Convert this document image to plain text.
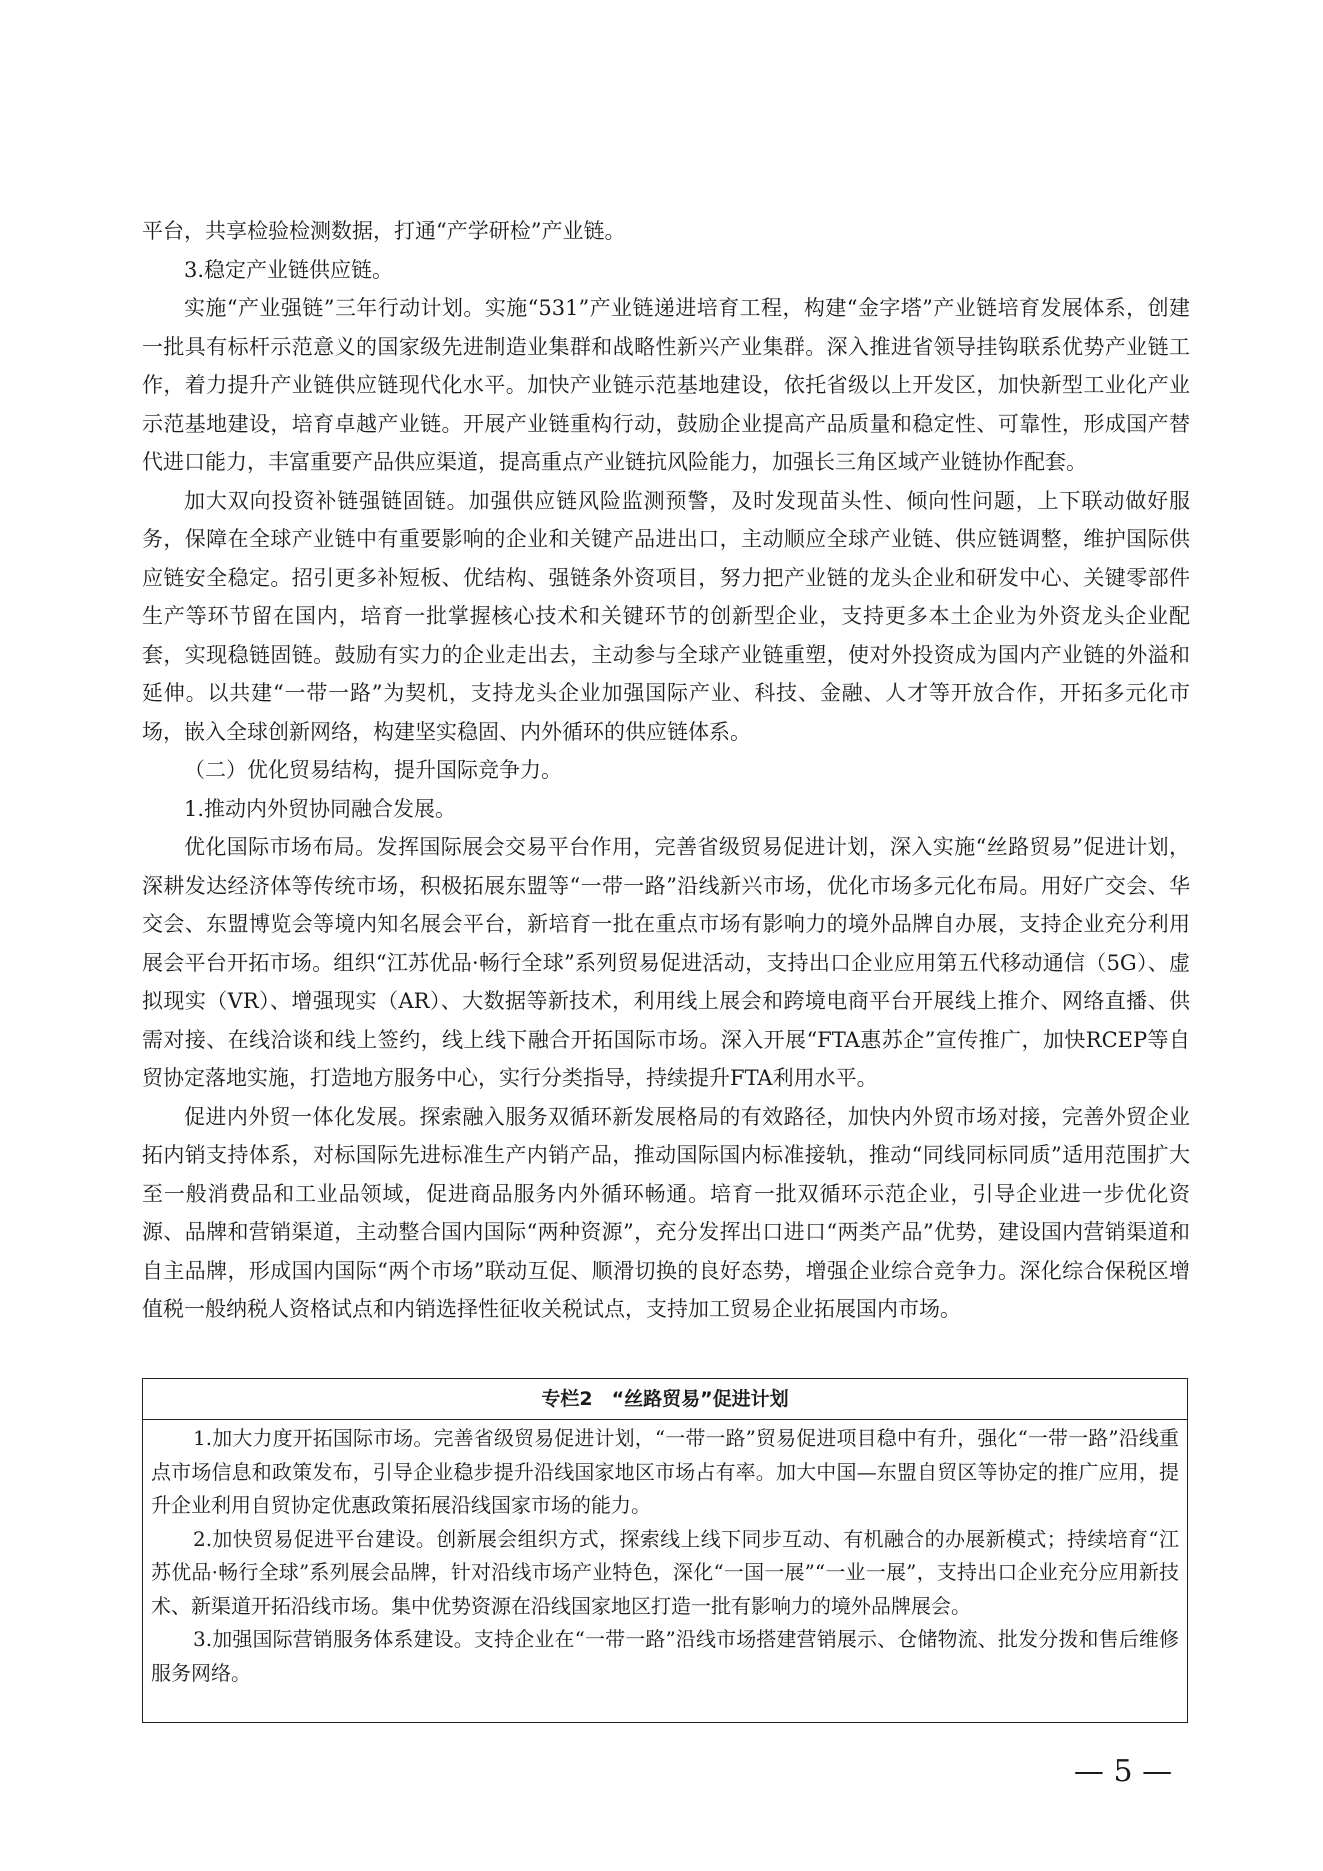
平台，共享检验检测数据，打通“产学研检”产业链。

3.稳定产业链供应链。

实施“产业强链”三年行动计划。实施“531”产业链递进培育工程，构建“金字塔”产业链培育发展体系，创建一批具有标杆示范意义的国家级先进制造业集群和战略性新兴产业集群。深入推进省领导挂钩联系优势产业链工作，着力提升产业链供应链现代化水平。加快产业链示范基地建设，依托省级以上开发区，加快新型工业化产业示范基地建设，培育卓越产业链。开展产业链重构行动，鼓励企业提高产品质量和稳定性、可靠性，形成国产替代进口能力，丰富重要产品供应渠道，提高重点产业链抗风险能力，加强长三角区域产业链协作配套。

加大双向投资补链强链固链。加强供应链风险监测预警，及时发现苗头性、倾向性问题，上下联动做好服务，保障在全球产业链中有重要影响的企业和关键产品进出口，主动顺应全球产业链、供应链调整，维护国际供应链安全稳定。招引更多补短板、优结构、强链条外资项目，努力把产业链的龙头企业和研发中心、关键零部件生产等环节留在国内，培育一批掌握核心技术和关键环节的创新型企业，支持更多本土企业为外资龙头企业配套，实现稳链固链。鼓励有实力的企业走出去，主动参与全球产业链重塑，使对外投资成为国内产业链的外溢和延伸。以共建“一带一路”为契机，支持龙头企业加强国际产业、科技、金融、人才等开放合作，开拓多元化市场，嵌入全球创新网络，构建坚实稳固、内外循环的供应链体系。

（二）优化贸易结构，提升国际竞争力。

1.推动内外贸协同融合发展。

优化国际市场布局。发挥国际展会交易平台作用，完善省级贸易促进计划，深入实施“丝路贸易”促进计划，深耕发达经济体等传统市场，积极拓展东盟等“一带一路”沿线新兴市场，优化市场多元化布局。用好广交会、华交会、东盟博览会等境内知名展会平台，新培育一批在重点市场有影响力的境外品牌自办展，支持企业充分利用展会平台开拓市场。组织“江苏优品·畅行全球”系列贸易促进活动，支持出口企业应用第五代移动通信（5G）、虚拟现实（VR）、增强现实（AR）、大数据等新技术，利用线上展会和跨境电商平台开展线上推介、网络直播、供需对接、在线洽谈和线上签约，线上线下融合开拓国际市场。深入开展“FTA惠苏企”宣传推广，加快RCEP等自贸协定落地实施，打造地方服务中心，实行分类指导，持续提升FTA利用水平。

促进内外贸一体化发展。探索融入服务双循环新发展格局的有效路径，加快内外贸市场对接，完善外贸企业拓内销支持体系，对标国际先进标准生产内销产品，推动国际国内标准接轨，推动“同线同标同质”适用范围扩大至一般消费品和工业品领域，促进商品服务内外循环畅通。培育一批双循环示范企业，引导企业进一步优化资源、品牌和营销渠道，主动整合国内国际“两种资源”，充分发挥出口进口“两类产品”优势，建设国内营销渠道和自主品牌，形成国内国际“两个市场”联动互促、顺滑切换的良好态势，增强企业综合竞争力。深化综合保税区增值税一般纳税人资格试点和内销选择性征收关税试点，支持加工贸易企业拓展国内市场。

专栏2　“丝路贸易”促进计划

1.加大力度开拓国际市场。完善省级贸易促进计划，“一带一路”贸易促进项目稳中有升，强化“一带一路”沿线重点市场信息和政策发布，引导企业稳步提升沿线国家地区市场占有率。加大中国—东盟自贸区等协定的推广应用，提升企业利用自贸协定优惠政策拓展沿线国家市场的能力。

2.加快贸易促进平台建设。创新展会组织方式，探索线上线下同步互动、有机融合的办展新模式；持续培育“江苏优品·畅行全球”系列展会品牌，针对沿线市场产业特色，深化“一国一展”“一业一展”，支持出口企业充分应用新技术、新渠道开拓沿线市场。集中优势资源在沿线国家地区打造一批有影响力的境外品牌展会。

3.加强国际营销服务体系建设。支持企业在“一带一路”沿线市场搭建营销展示、仓储物流、批发分拨和售后维修服务网络。

— 5 —
